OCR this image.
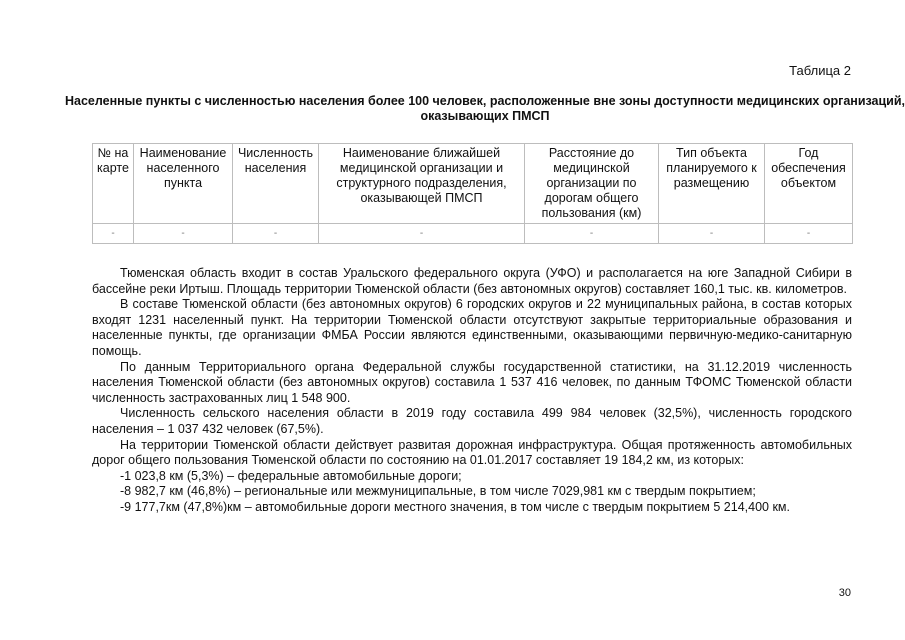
Таблица 2
Населенные пункты с численностью населения более 100 человек, расположенные вне зоны доступности медицинских организаций, оказывающих ПМСП
№ на карте	Наименование населенного пункта	Численность населения	Наименование ближайшей медицинской организации и структурного подразделения, оказывающей ПМСП	Расстояние до медицинской организации по дорогам общего пользования (км)	Тип объекта планируемого к размещению	Год обеспечения объектом
-	-	-	-	-	-	-

Тюменская область входит в состав Уральского федерального округа (УФО) и располагается на юге Западной Сибири в бассейне реки Иртыш. Площадь территории Тюменской области (без автономных округов) составляет 160,1 тыс. кв. километров.

В составе Тюменской области (без автономных округов) 6 городских округов и 22 муниципальных района, в состав которых входят 1231 населенный пункт. На территории Тюменской области отсутствуют закрытые территориальные образования и населенные пункты, где организации ФМБА России являются единственными, оказывающими первичную-медико-санитарную помощь.

По данным Территориального органа Федеральной службы государственной статистики, на 31.12.2019 численность населения Тюменской области (без автономных округов) составила 1 537 416 человек, по данным ТФОМС Тюменской области численность застрахованных лиц 1 548 900.

Численность сельского населения области в 2019 году составила 499 984 человек (32,5%), численность городского населения – 1 037 432 человек (67,5%).

На территории Тюменской области действует развитая дорожная инфраструктура. Общая протяженность автомобильных дорог общего пользования Тюменской области по состоянию на 01.01.2017 составляет 19 184,2 км, из которых:

-1 023,8 км (5,3%) – федеральные автомобильные дороги;

-8 982,7 км (46,8%) – региональные или межмуниципальные, в том числе 7029,981 км с твердым покрытием;

-9 177,7км (47,8%)км – автомобильные дороги местного значения, в том числе с твердым покрытием 5 214,400 км.

30
